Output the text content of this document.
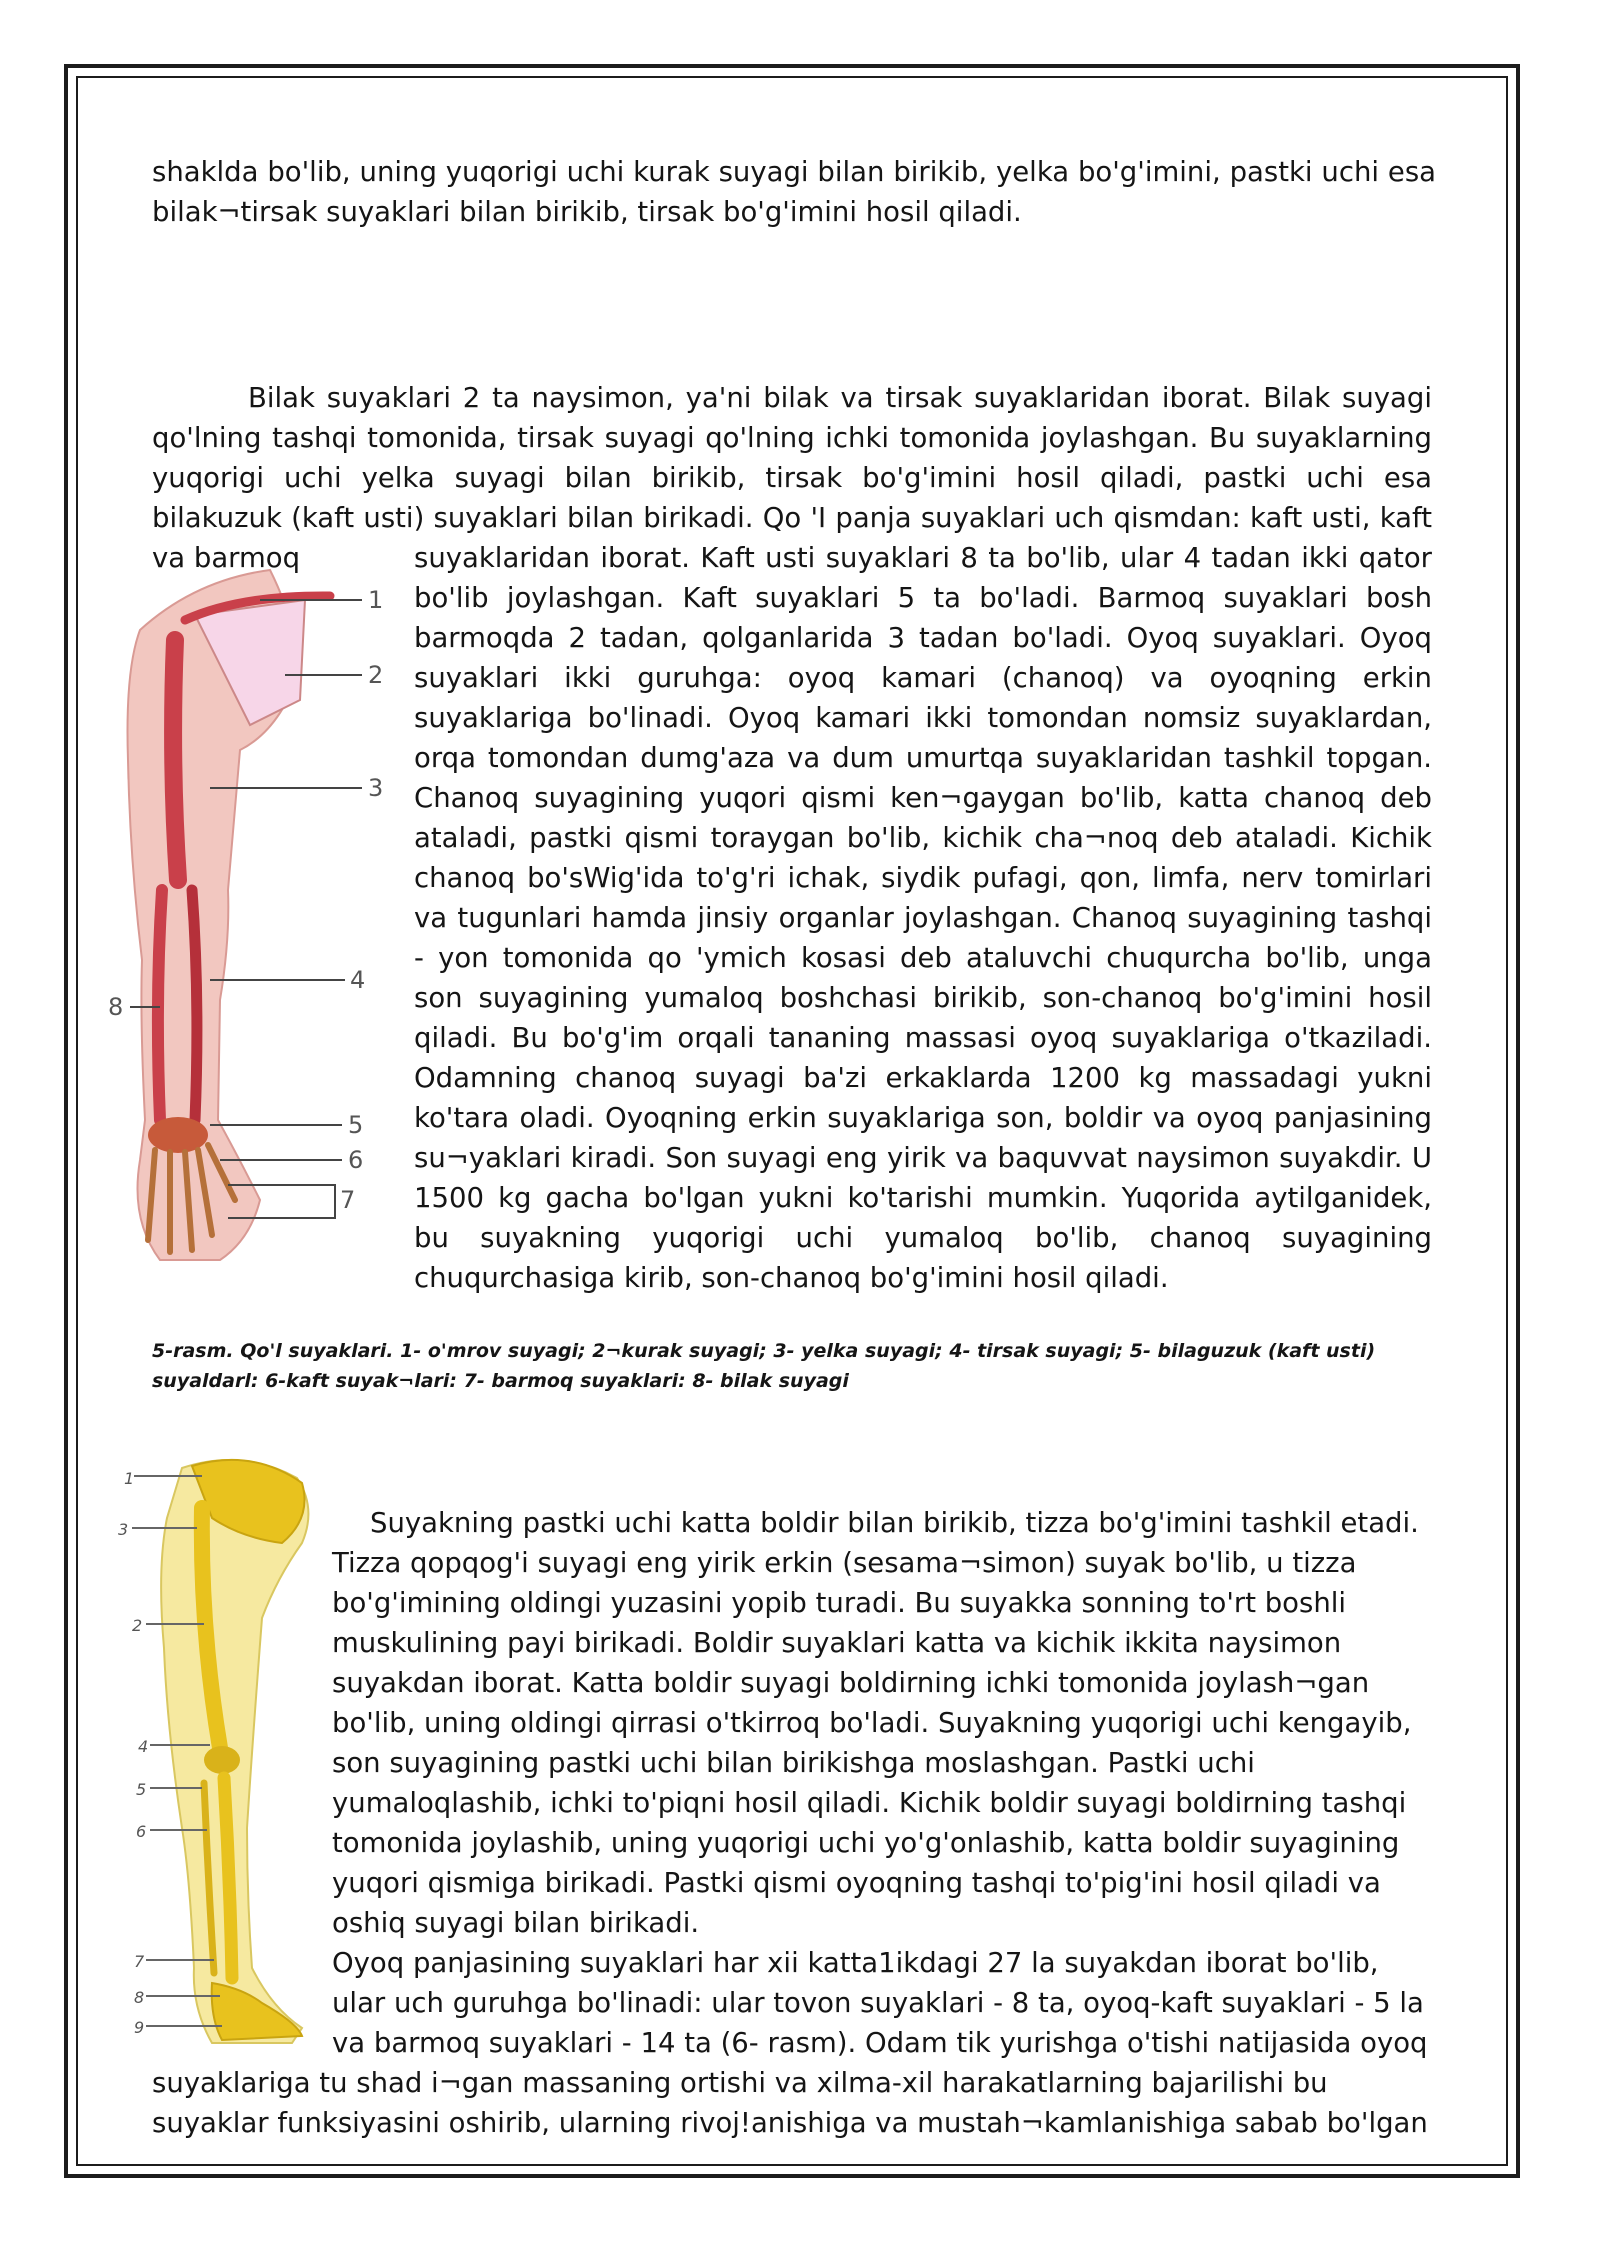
shaklda bo'lib, uning yuqorigi uchi kurak suyagi bilan birikib, yelka bo'g'imini, pastki uchi esa bilak¬tirsak suyaklari bilan birikib, tirsak bo'g'imini hosil qiladi.

Bilak suyaklari 2 ta naysimon, ya'ni bilak va tirsak suyaklaridan iborat. Bilak suyagi qo'lning tashqi tomonida, tirsak suyagi qo'lning ichki tomonida joylashgan. Bu suyaklarning yuqorigi uchi yelka suyagi bilan birikib, tirsak bo'g'imini hosil qiladi, pastki uchi esa bilakuzuk (kaft usti) suyaklari bilan birikadi. Qo 'I panja suyaklari uch qismdan: kaft usti, kaft va barmoq	suyaklaridan iborat. Kaft usti suyaklari 8 ta bo'lib, ular 4 tadan ikki qator bo'lib joylashgan. Kaft suyaklari 5 ta bo'ladi. Barmoq suyaklari bosh barmoqda 2 tadan, qolganlarida 3 tadan bo'ladi. Oyoq suyaklari. Oyoq suyaklari ikki guruhga: oyoq kamari (chanoq) va oyoqning erkin suyaklariga bo'linadi. Oyoq kamari ikki tomondan nomsiz suyaklardan, orqa tomondan dumg'aza va dum umurtqa suyaklaridan tashkil topgan. Chanoq suyagining yuqori qismi ken¬gaygan bo'lib, katta chanoq deb ataladi, pastki qismi toraygan bo'lib, kichik cha¬noq deb ataladi. Kichik chanoq bo'sWig'ida to'g'ri ichak, siydik pufagi, qon, limfa, nerv tomirlari va tugunlari hamda jinsiy organlar joylashgan. Chanoq suyagining tashqi - yon tomonida qo 'ymich kosasi deb ataluvchi chuqurcha bo'lib, unga son suyagining yumaloq boshchasi birikib, son-chanoq bo'g'imini hosil qiladi. Bu bo'g'im orqali tananing massasi oyoq suyaklariga o'tkaziladi. Odamning chanoq suyagi ba'zi erkaklarda 1200 kg massadagi yukni ko'tara oladi. Oyoqning erkin suyaklariga son, boldir va oyoq panjasining su¬yaklari kiradi. Son suyagi eng yirik va baquvvat naysimon suyakdir. U 1500 kg gacha bo'lgan yukni ko'tarishi mumkin. Yuqorida aytilganidek, bu suyakning yuqorigi uchi yumaloq bo'lib, chanoq suyagining chuqurchasiga kirib, son-chanoq bo'g'imini hosil qiladi.

1
2
3
4
5
6
7
8
5-rasm. Qo'l suyaklari. 1- o'mrov suyagi; 2¬kurak suyagi; 3- yelka suyagi; 4- tirsak suyagi; 5- bilaguzuk (kaft usti) suyaldarl: 6-kaft suyak¬lari: 7- barmoq suyaklari: 8- bilak suyagi
1
3
2
4
5
6
7
8
9

Suyakning pastki uchi katta boldir bilan birikib, tizza bo'g'imini tashkil etadi. Tizza qopqog'i suyagi eng yirik erkin (sesama¬simon) suyak bo'lib, u tizza bo'g'imining oldingi yuzasini yopib turadi. Bu suyakka sonning to'rt boshli muskulining payi birikadi. Boldir suyaklari katta va kichik ikkita naysimon suyakdan iborat. Katta boldir suyagi boldirning ichki tomonida joylash¬gan bo'lib, uning oldingi qirrasi o'tkirroq bo'ladi. Suyakning yuqorigi uchi kengayib, son suyagining pastki uchi bilan birikishga moslashgan. Pastki uchi yumaloqlashib, ichki to'piqni hosil qiladi. Kichik boldir suyagi boldirning tashqi tomonida joylashib, uning yuqorigi uchi yo'g'onlashib, katta boldir suyagining yuqori qismiga birikadi. Pastki qismi oyoqning tashqi to'pig'ini hosil qiladi va oshiq suyagi bilan birikadi.

Oyoq panjasining suyaklari har xii katta1ikdagi 27 la suyakdan iborat bo'lib, ular uch guruhga bo'linadi: ular tovon suyaklari - 8 ta, oyoq-kaft suyaklari - 5 la va barmoq suyaklari - 14 ta (6- rasm). Odam tik yurishga o'tishi natijasida oyoq

suyaklariga tu shad i¬gan massaning ortishi va xilma-xil harakatlarning bajarilishi bu suyaklar funksiyasini oshirib, ularning rivoj!anishiga va mustah¬kamlanishiga sabab bo'lgan
